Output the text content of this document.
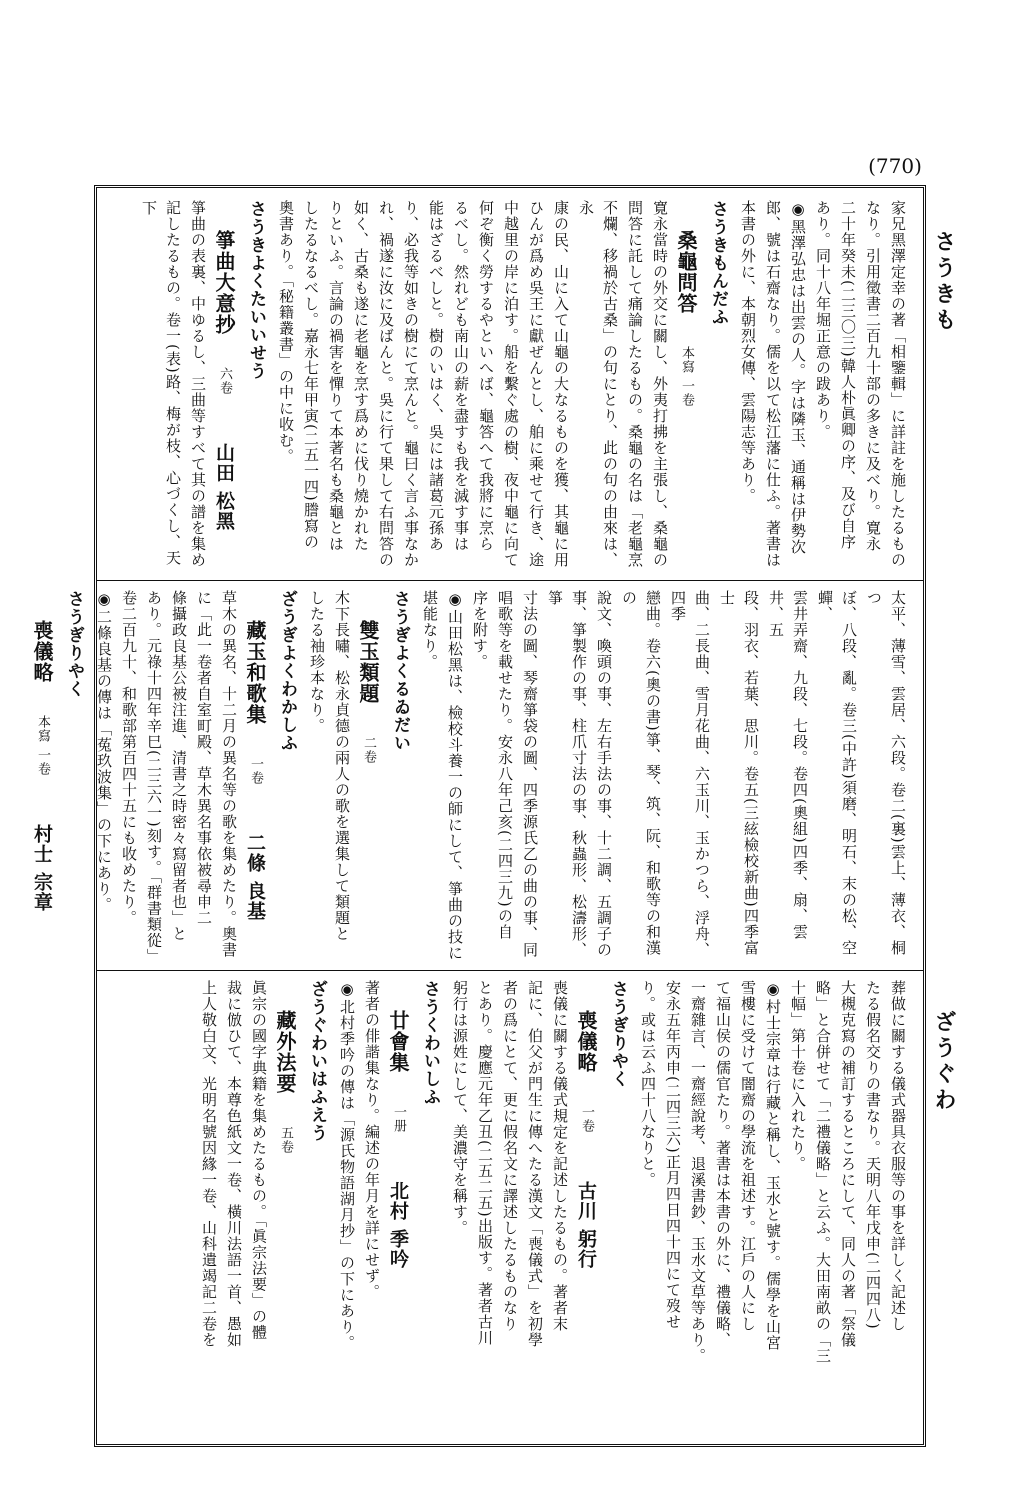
(770)
さうきも
ざうぐわ
家兄黑澤定幸の著「相鑒輯」に詳註を施したるもの
なり。引用徵書二百九十部の多きに及べり。寛永
二十年癸未(二三〇三)韓人朴眞卿の序、及び自序
あり。同十八年堀正意の跋あり。
◉黑澤弘忠は出雲の人。字は隣玉、通稱は伊勢次
郎、號は石齋なり。儒を以て松江藩に仕ふ。著書は
本書の外に、本朝烈女傳、雲陽志等あり。
さうきもんだふ
桑龜問答 本寫 一卷
寛永當時の外交に關し、外夷打拂を主張し、桑龜の
問答に託して痛論したるもの。桑龜の名は「老龜烹
不爛、移禍於古桑」の句にとり、此の句の由來は、永
康の民、山に入て山龜の大なるものを獲、其龜に用
ひんが爲め吳王に獻ぜんとし、舶に乘せて行き、途
中越里の岸に泊す。船を繫ぐ處の樹、夜中龜に向て
何ぞ衡く勞するやといへば、龜答へて我將に烹ら
るべし。然れども南山の薪を盡すも我を滅す事は
能はざるべしと。樹のいはく、吳には諸葛元孫あ
り、必我等如きの樹にて烹んと。龜曰く言ふ事なか
れ、禍遂に汝に及ばんと。吳に行て果して右問答の
如く、古桑も遂に老龜を烹す爲めに伐り燒かれた
りといふ。言論の禍害を憚りて本著名も桑龜とは
したるなるべし。嘉永七年甲寅(二五一四)謄寫の
奧書あり。「秘籍叢書」の中に收む。
さうきよくたいいせう
箏曲大意抄 六卷 山田 松黑
箏曲の表裏、中ゆるし、三曲等すべて其の譜を集め
記したるもの。卷一(表)路、梅が枝、心づくし、天下
太平、薄雪、雲居、六段。卷二(裏)雲上、薄衣、桐つ
ぼ、八段、亂。卷三(中許)須磨、明石、末の松、空蟬、
雲井弄齋、九段、七段。卷四(奧組)四季、扇、雲井、五
段、羽衣、若葉、思川。卷五(三絃檢校新曲)四季富士
曲、二長曲、雪月花曲、六玉川、玉かつら、浮舟、四季
戀曲。卷六(奧の書)箏、琴、筑、阮、和歌等の和漢の
說文、喚頭の事、左右手法の事、十二調、五調子の
事、箏製作の事、柱爪寸法の事、秋蟲形、松濤形、箏
寸法の圖、琴齋箏袋の圖、四季源氏乙の曲の事、同
唱歌等を載せたり。安永八年己亥(二四三九)の自
序を附す。
◉山田松黑は、檢校斗養一の師にして、箏曲の技に
堪能なり。
さうぎよくるゐだい
雙玉類題 二卷
木下長嘯、松永貞德の兩人の歌を選集して類題と
したる袖珍本なり。
ざうぎよくわかしふ
藏玉和歌集 一卷 二條 良基
草木の異名、十二月の異名等の歌を集めたり。奧書
に「此一卷者自室町殿、草木異名事依被尋申二
條攝政良基公被注進、清書之時密々寫留者也」と
あり。元祿十四年辛巳(二三六一)刻す。「群書類從」
卷二百九十、和歌部第百四十五にも收めたり。
◉二條良基の傳は「菟玖波集」の下にあり。
さうぎりやく
喪儀略 本寫 一卷 村士 宗章
葬做に關する儀式器具衣服等の事を詳しく記述し
たる假名交りの書なり。天明八年戊申(二四四八)
大槻克寫の補訂するところにして、同人の著「祭儀
略」と合併せて「二禮儀略」と云ふ。大田南畝の「三
十幅」第十卷に入れたり。
◉村士宗章は行藏と稱し、玉水と號す。儒學を山宮
雪樓に受けて闇齋の學流を祖述す。江戶の人にし
て福山侯の儒官たり。著書は本書の外に、禮儀略、
一齋雜言、一齋經說考、退溪書鈔、玉水文草等あり。
安永五年丙申(二四三六)正月四日四十四にて歿せ
り。或は云ふ四十八なりと。
さうぎりやく
喪儀略 一卷 古川 躬行
喪儀に關する儀式規定を記述したるもの。著者末
記に、伯父が門生に傳へたる漢文「喪儀式」を初學
者の爲にとて、更に假名文に譯述したるものなり
とあり。慶應元年乙丑(二五二五)出版す。著者古川
躬行は源姓にして、美濃守を稱す。
さうくわいしふ
廿會集 一册 北村 季吟
著者の俳諧集なり。編述の年月を詳にせず。
◉北村季吟の傳は「源氏物語湖月抄」の下にあり。
ざうぐわいはふえう
藏外法要 五卷
眞宗の國字典籍を集めたるもの。「眞宗法要」の體
裁に倣ひて、本尊色紙文一卷、橫川法語一首、愚如
上人敬白文、光明名號因緣一卷、山科遺竭記二卷を
